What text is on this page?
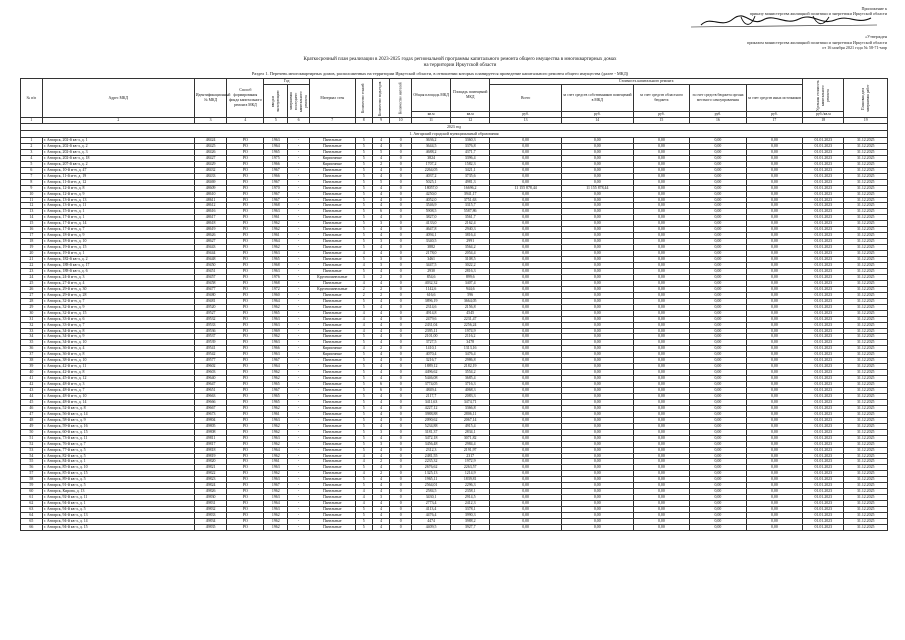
Приложение к
приказу министерства жилищной политики и энергетики Иркутской области
«Утвержден
приказом министерства жилищной политики и энергетики Иркутской области
от 16 ноября 2021 года № 58-71-мпр
Краткосрочный план реализации в 2023-2025 годах региональной программы капитального ремонта общего имущества в многоквартирных домах
на территории Иркутской области
Раздел 1. Перечень многоквартирных домов, расположенных на территории Иркутской области, в отношении которых планируется проведение капитального ремонта общего имущества (далее - МКД)
№ п/п	Адрес МКД	Идентификационный № МКД	Способ формирования фонда капитального ремонта МКД	Год		Материал стен	Количество этажей	Количество подъездов	Количество жителей	Общая площадь МКД	Площадь помещений МКД	Стоимость капитального ремонта					Удельная стоимость капитального ремонта	Плановая дата завершения работ
				ввода в эксплуатацию	завершения последнего капитального ремонта							Всего	за счет средств собственников помещений в МКД	за счет средств областного бюджета	за счет средств бюджета органа местного самоуправления	за счет средств иных источников		
										кв.м	кв.м	руб.	руб.	руб.	руб.	руб.	руб./кв.м	
1	2	3	4	5	6	7	8	9	10	11	12	13	14	15	16	17	18	19
2023 год																		
1. Ангарский городской муниципальный образования																		
1	г. Ангарск, 202-й кв-л, д. 1	48424	РО	1963	-	Панельные	5	4	0	3636,2	3360,3	0,00	0,00	0,00	0,00	0,00	01.01.2023	31.12.2025
2	г. Ангарск, 202-й кв-л, д. 2	48425	РО	1964	-	Панельные	5	4	0	3644,5	3376,8	0,00	0,00	0,00	0,00	0,00	01.01.2023	31.12.2025
3	г. Ангарск, 202-й кв-л, д. 3	48426	РО	1965	-	Панельные	5	5	0	4688,2	4371,7	0,00	0,00	0,00	0,00	0,00	01.01.2023	31.12.2025
4	г. Ангарск, 202-й кв-л, д. 18	48427	РО	1975	-	Кирпичные	5	4	0	3824	3396,4	0,00	0,00	0,00	0,00	0,00	01.01.2023	31.12.2025
5	г. Ангарск, 207-й кв-л, д. 2	48429	РО	1966	-	Кирпичные	5	2	0	1707,2	1582,3	0,00	0,00	0,00	0,00	0,00	01.01.2023	31.12.2025
6	г. Ангарск, 10-й м-н, д. 47	48432	РО	1967	-	Панельные	5	4	0	2264,05	3421,1	0,00	0,00	0,00	0,00	0,00	01.01.2023	31.12.2025
7	г. Ангарск, 11-й м-н, д. 19	48433	РО	1966	-	Панельные	5	4	0	4037,2	3735,6	0,00	0,00	0,00	0,00	0,00	01.01.2023	31.12.2025
8	г. Ангарск, 11-й м-н, д. 12	48469	РО	1967	-	Панельные	5	5	0	5025,1	4981,3	0,00	0,00	0,00	0,00	0,00	01.01.2023	31.12.2025
9	г. Ангарск, 12-й м-н, д. 8	48609	РО	1970	-	Панельные	5	4	0	18057,0	16696,2	11 155 878,44	11 155 878,44	0,00	0,00	0,00	01.01.2023	31.12.2025
10	г. Ангарск, 12-й м-н, д. 9	48610	РО	1967	-	Панельные	5	4	0	4250,0	3941,17	0,00	0,00	0,00	0,00	0,00	01.01.2023	31.12.2025
11	г. Ангарск, 13-й м-н, д. 13	48611	РО	1967	-	Панельные	5	4	0	4052,0	3751,63	0,00	0,00	0,00	0,00	0,00	01.01.2023	31.12.2025
12	г. Ангарск, 13-й м-н, д. 11	48612	РО	1968	-	Панельные	5	4	0	3546,9	3315,7	0,00	0,00	0,00	0,00	0,00	01.01.2023	31.12.2025
13	г. Ангарск, 15-й м-н, д. 1	48616	РО	1963	-	Панельные	5	6	0	5908,5	5587,86	0,00	0,00	0,00	0,00	0,00	01.01.2023	31.12.2025
14	г. Ангарск, 17-й м-н, д. 1	48617	РО	1961	-	Панельные	5	4	0	3827,0	3561,7	0,00	0,00	0,00	0,00	0,00	01.01.2023	31.12.2025
15	г. Ангарск, 17-й м-н, д. 14	48618	РО	1962	-	Панельные	5	3	0	4133,0	2162,4	0,00	0,00	0,00	0,00	0,00	01.01.2023	31.12.2025
16	г. Ангарск, 17-й м-н, д. 7	48619	РО	1962	-	Панельные	5	4	0	4647,8	2940,3	0,00	0,00	0,00	0,00	0,00	01.01.2023	31.12.2025
17	г. Ангарск, 18-й м-н, д. 9	48626	РО	1961	-	Панельные	5	4	0	4094,1	3816,4	0,00	0,00	0,00	0,00	0,00	01.01.2023	31.12.2025
18	г. Ангарск, 18-й м-н, д. 10	48627	РО	1964	-	Панельные	5	3	0	3340,5	2991	0,00	0,00	0,00	0,00	0,00	01.01.2023	31.12.2025
19	г. Ангарск, 19-й м-н, д. 15	49443	РО	1962	-	Панельные	5	4	0	3882	3564,2	0,00	0,00	0,00	0,00	0,00	01.01.2023	31.12.2025
20	г. Ангарск, 19-й м-н, д. 1	49444	РО	1963	-	Панельные	4	4	0	2178,0	2054,4	0,00	0,00	0,00	0,00	0,00	01.01.2023	31.12.2025
21	г. Ангарск, 182-й кв-л, д. 2	49448	РО	1965	-	Панельные	5	3	0	3461	3108,5	0,00	0,00	0,00	0,00	0,00	01.01.2023	31.12.2025
22	г. Ангарск, 188-й кв-л, д. 17	49450	РО	1968	-	Панельные	4	3	0	3447,5	3022,2	0,00	0,00	0,00	0,00	0,00	01.01.2023	31.12.2025
23	г. Ангарск, 188-й кв-л, д. 6	49451	РО	1963	-	Панельные	5	4	0	2930	2816,3	0,00	0,00	0,00	0,00	0,00	01.01.2023	31.12.2025
24	г. Ангарск, 24-й м-н, д. 3	49457	РО	1976	-	Крупнопанельные	3	2	0	854,6	899,6	0,00	0,00	0,00	0,00	0,00	01.01.2023	31.12.2025
25	г. Ангарск, 27-й м-н, д. 4	49458	РО	1968	-	Панельные	4	4	0	4032,32	3407,4	0,00	0,00	0,00	0,00	0,00	01.01.2023	31.12.2025
26	г. Ангарск, 29-й м-н, д. 30	49477	РО	1972	-	Крупнопанельные	2	2	0	1142,6	944,6	0,00	0,00	0,00	0,00	0,00	01.01.2023	31.12.2025
27	г. Ангарск, 29-й м-н, д. 28	49480	РО	1960	-	Панельные	2	2	0	616,6	596	0,00	0,00	0,00	0,00	0,00	01.01.2023	31.12.2025
28	г. Ангарск, 32-й м-н, д. 7	49481	РО	1964	-	Панельные	5	4	0	3896,19	3664,05	0,00	0,00	0,00	0,00	0,00	01.01.2023	31.12.2025
29	г. Ангарск, 32-й м-н, д. 9	49520	РО	1962	-	Панельные	5	4	0	2314,6	2156,8	0,00	0,00	0,00	0,00	0,00	01.01.2023	31.12.2025
30	г. Ангарск, 32-й м-н, д. 15	49527	РО	1965	-	Панельные	4	4	0	4914,8	4545	0,00	0,00	0,00	0,00	0,00	01.01.2023	31.12.2025
31	г. Ангарск, 33-й м-н, д. 6	49532	РО	1963	-	Панельные	4	4	0	2479,6	2231,47	0,00	0,00	0,00	0,00	0,00	01.01.2023	31.12.2025
32	г. Ангарск, 33-й м-н, д. 7	49533	РО	1963	-	Панельные	4	4	0	2431,04	2256,24	0,00	0,00	0,00	0,00	0,00	01.01.2023	31.12.2025
33	г. Ангарск, 34-й м-н, д. 8	49536	РО	1969	-	Панельные	4	4	0	2395,11	1974,9	0,00	0,00	0,00	0,00	0,00	01.01.2023	31.12.2025
34	г. Ангарск, 34-й м-н, д. 9	49537	РО	1962	-	Панельные	5	4	0	2101,00	2116,2	0,00	0,00	0,00	0,00	0,00	01.01.2023	31.12.2025
35	г. Ангарск, 34-й м-н, д. 10	49539	РО	1963	-	Панельные	5	4	0	3727,5	3478	0,00	0,00	0,00	0,00	0,00	01.01.2023	31.12.2025
36	г. Ангарск, 36-й м-н, д. 4	49541	РО	1966	-	Кирпичные	4	2	0	1410,1	1313,16	0,00	0,00	0,00	0,00	0,00	01.01.2023	31.12.2025
37	г. Ангарск, 36-й м-н, д. 8	49542	РО	1963	-	Кирпичные	5	4	0	4070,4	3476,4	0,00	0,00	0,00	0,00	0,00	01.01.2023	31.12.2025
38	г. Ангарск, 38-й м-н, д. 10	49577	РО	1967	-	Панельные	5	4	0	3216,7	2986,8	0,00	0,00	0,00	0,00	0,00	01.01.2023	31.12.2025
39	г. Ангарск, 42-й м-н, д. 11	49602	РО	1964	-	Панельные	5	4	0	1889,12	2182,19	0,00	0,00	0,00	0,00	0,00	01.01.2023	31.12.2025
40	г. Ангарск, 42-й м-н, д. 8	49603	РО	1962	-	Панельные	5	4	0	4496,62	3554,2	0,00	0,00	0,00	0,00	0,00	01.01.2023	31.12.2025
41	г. Ангарск, 45-й м-н, д. 12	49640	РО	1962	-	Панельные	5	4	0	5446,08	3685,4	0,00	0,00	0,00	0,00	0,00	01.01.2023	31.12.2025
42	г. Ангарск, 48-й м-н, д. 3	49647	РО	1965	-	Панельные	5	6	0	3774,05	3716,3	0,00	0,00	0,00	0,00	0,00	01.01.2023	31.12.2025
43	г. Ангарск, 48-й м-н, д. 7	49651	РО	1967	-	Панельные	5	6	0	4849,4	4068,3	0,00	0,00	0,00	0,00	0,00	01.01.2023	31.12.2025
44	г. Ангарск, 48-й м-н, д. 10	49663	РО	1965	-	Панельные	5	4	0	2117,7	2083,3	0,00	0,00	0,00	0,00	0,00	01.01.2023	31.12.2025
45	г. Ангарск, 48-й м-н, д. 14	49666	РО	1965	-	Панельные	5	4	0	3411,63	3474,71	0,00	0,00	0,00	0,00	0,00	01.01.2023	31.12.2025
46	г. Ангарск, 52-й кв-л, д. 8	49667	РО	1962	-	Панельные	5	4	0	4227,12	3366,8	0,00	0,00	0,00	0,00	0,00	01.01.2023	31.12.2025
47	г. Ангарск, 56-й кв-л, д. 14	49673	РО	1961	-	Панельные	5	4	0	3988,88	2806,11	0,00	0,00	0,00	0,00	0,00	01.01.2023	31.12.2025
48	г. Ангарск, 58-й кв-л, д. 9	49804	РО	1963	-	Панельные	5	4	0	2090,62	2067,14	0,00	0,00	0,00	0,00	0,00	01.01.2023	31.12.2025
49	г. Ангарск, 59-й кв-л, д. 16	49805	РО	1962	-	Панельные	5	4	0	5234,88	4915,4	0,00	0,00	0,00	0,00	0,00	01.01.2023	31.12.2025
50	г. Ангарск, 60-й кв-л, д. 15	49808	РО	1962	-	Панельные	5	3	0	3181,37	2834,1	0,00	0,00	0,00	0,00	0,00	01.01.2023	31.12.2025
51	г. Ангарск, 73-й кв-л, д. 11	49811	РО	1963	-	Панельные	5	4	0	3472,18	3071,82	0,00	0,00	0,00	0,00	0,00	01.01.2023	31.12.2025
52	г. Ангарск, 76-й кв-л, д. 7	49817	РО	1962	-	Панельные	5	3	0	3456,48	2984,4	0,00	0,00	0,00	0,00	0,00	01.01.2023	31.12.2025
53	г. Ангарск, 77-й кв-л, д. 5	49818	РО	1964	-	Панельные	5	4	0	2312,3	2191,97	0,00	0,00	0,00	0,00	0,00	01.01.2023	31.12.2025
54	г. Ангарск, 82-й кв-л, д. 5	49819	РО	1962	-	Панельные	4	4	0	2481,55	2317	0,00	0,00	0,00	0,00	0,00	01.01.2023	31.12.2025
55	г. Ангарск, 84-й кв-л, д. 1	49820	РО	1961	-	Панельные	4	2	0	2235,32	1972,9	0,00	0,00	0,00	0,00	0,00	01.01.2023	31.12.2025
56	г. Ангарск, 85-й кв-л, д. 10	49821	РО	1963	-	Панельные	5	4	0	2676,62	2263,57	0,00	0,00	0,00	0,00	0,00	01.01.2023	31.12.2025
57	г. Ангарск, 85-й кв-л, д. 15	49822	РО	1962	-	Панельные	4	2	0	1325,13	1214,9	0,00	0,00	0,00	0,00	0,00	01.01.2023	31.12.2025
58	г. Ангарск, 89-й кв-л, д. 5	49823	РО	1963	-	Панельные	5	4	0	1965,11	1839,81	0,00	0,00	0,00	0,00	0,00	01.01.2023	31.12.2025
59	г. Ангарск, 91-й кв-л, д. 5	49824	РО	1967	-	Панельные	5	4	0	2564,01	2296,3	0,00	0,00	0,00	0,00	0,00	01.01.2023	31.12.2025
60	г. Ангарск, Кирова, д. 13	49826	РО	1962	-	Панельные	4	4	0	2584,5	2358,1	0,00	0,00	0,00	0,00	0,00	01.01.2023	31.12.2025
61	г. Ангарск, 92-й кв-л, д. 11	49830	РО	1963	-	Панельные	4	3	0	3430,1	2914,5	0,00	0,00	0,00	0,00	0,00	01.01.2023	31.12.2025
62	г. Ангарск, 94-й кв-л, д. 1	49831	РО	1964	-	Панельные	4	4	0	2773,4	2412,3	0,00	0,00	0,00	0,00	0,00	01.01.2023	31.12.2025
63	г. Ангарск, 94-й кв-л, д. 5	49832	РО	1963	-	Панельные	5	4	0	4113,4	3378,1	0,00	0,00	0,00	0,00	0,00	01.01.2023	31.12.2025
64	г. Ангарск, 94-й кв-л, д. 13	49833	РО	1962	-	Панельные	5	4	0	4476,4	3990,3	0,00	0,00	0,00	0,00	0,00	01.01.2023	31.12.2025
65	г. Ангарск, 94-й кв-л, д. 14	49834	РО	1962	-	Панельные	5	4	0	4474	3988,2	0,00	0,00	0,00	0,00	0,00	01.01.2023	31.12.2025
66	г. Ангарск, 94-й кв-л, д. 15	49835	РО	1962	-	Панельные	5	4	0	4409,5	3927,7	0,00	0,00	0,00	0,00	0,00	01.01.2023	31.12.2025
